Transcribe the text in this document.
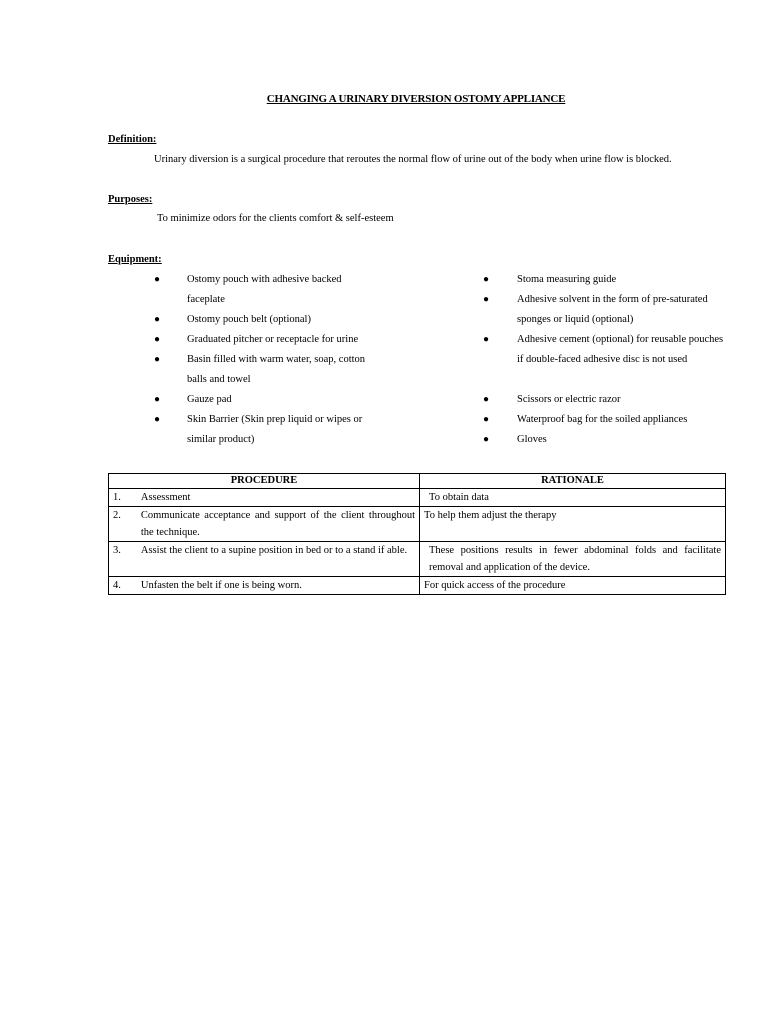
CHANGING A URINARY DIVERSION OSTOMY APPLIANCE
Definition:
Urinary diversion is a surgical procedure that reroutes the normal flow of urine out of the body when urine flow is blocked.
Purposes:
To minimize odors for the clients comfort & self-esteem
Equipment:
●	Ostomy pouch with adhesive backed faceplate
●	Ostomy pouch belt (optional)
●	Graduated pitcher or receptacle for urine
●	Basin filled with warm water, soap, cotton balls and towel
●	Gauze pad
●	Skin Barrier (Skin prep liquid or wipes or similar product)
●	Stoma measuring guide
●	Adhesive solvent in the form of pre-saturated sponges or liquid (optional)
●	Adhesive cement (optional) for reusable pouches if double-faced adhesive disc is not used
●	Scissors or electric razor
●	Waterproof bag for the soiled appliances
●	Gloves
PROCEDURE		RATIONALE
1.	Assessment	To obtain data
2.	Communicate acceptance and support of the client throughout the technique.	To help them adjust the therapy
3.	Assist the client to a supine position in bed or to a stand if able.	These positions results in fewer abdominal folds and facilitate removal and application of the device.
4.	Unfasten the belt if one is being worn.	For quick access of the procedure
